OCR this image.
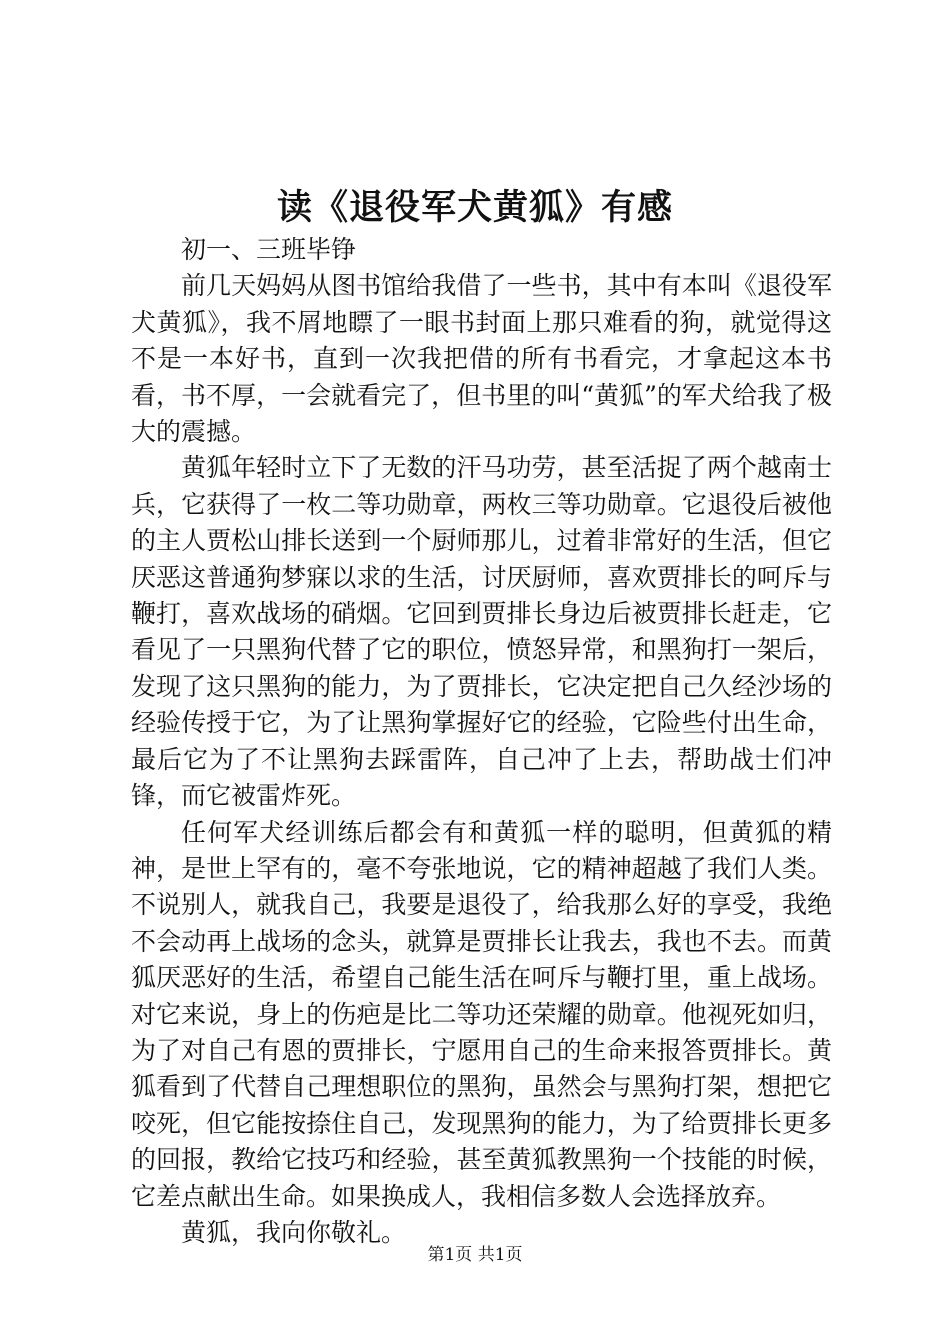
读《退役军犬黄狐》有感

初一、三班毕铮

前几天妈妈从图书馆给我借了一些书，其中有本叫《退役军犬黄狐》，我不屑地瞟了一眼书封面上那只难看的狗，就觉得这不是一本好书，直到一次我把借的所有书看完，才拿起这本书看，书不厚，一会就看完了，但书里的叫“黄狐”的军犬给我了极大的震撼。

黄狐年轻时立下了无数的汗马功劳，甚至活捉了两个越南士兵，它获得了一枚二等功勋章，两枚三等功勋章。它退役后被他的主人贾松山排长送到一个厨师那儿，过着非常好的生活，但它厌恶这普通狗梦寐以求的生活，讨厌厨师，喜欢贾排长的呵斥与鞭打，喜欢战场的硝烟。它回到贾排长身边后被贾排长赶走，它看见了一只黑狗代替了它的职位，愤怒异常，和黑狗打一架后，发现了这只黑狗的能力，为了贾排长，它决定把自己久经沙场的经验传授于它，为了让黑狗掌握好它的经验，它险些付出生命，最后它为了不让黑狗去踩雷阵，自己冲了上去，帮助战士们冲锋，而它被雷炸死。

任何军犬经训练后都会有和黄狐一样的聪明，但黄狐的精神，是世上罕有的，毫不夸张地说，它的精神超越了我们人类。不说别人，就我自己，我要是退役了，给我那么好的享受，我绝不会动再上战场的念头，就算是贾排长让我去，我也不去。而黄狐厌恶好的生活，希望自己能生活在呵斥与鞭打里，重上战场。对它来说，身上的伤疤是比二等功还荣耀的勋章。他视死如归，为了对自己有恩的贾排长，宁愿用自己的生命来报答贾排长。黄狐看到了代替自己理想职位的黑狗，虽然会与黑狗打架，想把它咬死，但它能按捺住自己，发现黑狗的能力，为了给贾排长更多的回报，教给它技巧和经验，甚至黄狐教黑狗一个技能的时候，它差点献出生命。如果换成人，我相信多数人会选择放弃。

黄狐，我向你敬礼。

第1页 共1页
